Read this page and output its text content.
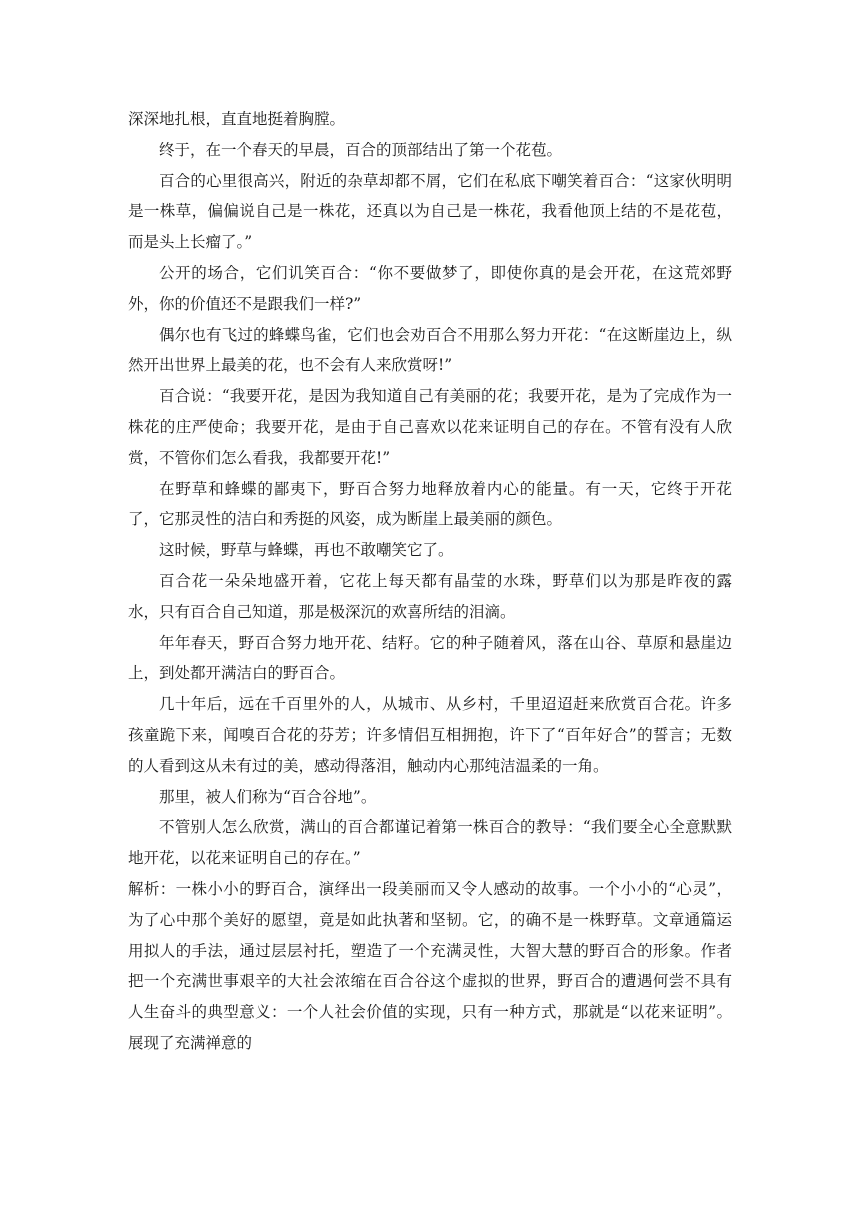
深深地扎根，直直地挺着胸膛。

终于，在一个春天的早晨，百合的顶部结出了第一个花苞。

百合的心里很高兴，附近的杂草却都不屑，它们在私底下嘲笑着百合：“这家伙明明是一株草，偏偏说自己是一株花，还真以为自己是一株花，我看他顶上结的不是花苞，而是头上长瘤了。”

公开的场合，它们讥笑百合：“你不要做梦了，即使你真的是会开花，在这荒郊野外，你的价值还不是跟我们一样?”

偶尔也有飞过的蜂蝶鸟雀，它们也会劝百合不用那么努力开花：“在这断崖边上，纵然开出世界上最美的花，也不会有人来欣赏呀!”

百合说：“我要开花，是因为我知道自己有美丽的花；我要开花，是为了完成作为一株花的庄严使命；我要开花，是由于自己喜欢以花来证明自己的存在。不管有没有人欣赏，不管你们怎么看我，我都要开花!”

在野草和蜂蝶的鄙夷下，野百合努力地释放着内心的能量。有一天，它终于开花了，它那灵性的洁白和秀挺的风姿，成为断崖上最美丽的颜色。

这时候，野草与蜂蝶，再也不敢嘲笑它了。

百合花一朵朵地盛开着，它花上每天都有晶莹的水珠，野草们以为那是昨夜的露水，只有百合自己知道，那是极深沉的欢喜所结的泪滴。

年年春天，野百合努力地开花、结籽。它的种子随着风，落在山谷、草原和悬崖边上，到处都开满洁白的野百合。

几十年后，远在千百里外的人，从城市、从乡村，千里迢迢赶来欣赏百合花。许多孩童跪下来，闻嗅百合花的芬芳；许多情侣互相拥抱，许下了“百年好合”的誓言；无数的人看到这从未有过的美，感动得落泪，触动内心那纯洁温柔的一角。

那里，被人们称为“百合谷地”。

不管别人怎么欣赏，满山的百合都谨记着第一株百合的教导：“我们要全心全意默默地开花，以花来证明自己的存在。”

解析：一株小小的野百合，演绎出一段美丽而又令人感动的故事。一个小小的“心灵”，为了心中那个美好的愿望，竟是如此执著和坚韧。它，的确不是一株野草。文章通篇运用拟人的手法，通过层层衬托，塑造了一个充满灵性，大智大慧的野百合的形象。作者把一个充满世事艰辛的大社会浓缩在百合谷这个虚拟的世界，野百合的遭遇何尝不具有人生奋斗的典型意义：一个人社会价值的实现，只有一种方式，那就是“以花来证明”。展现了充满禅意的
